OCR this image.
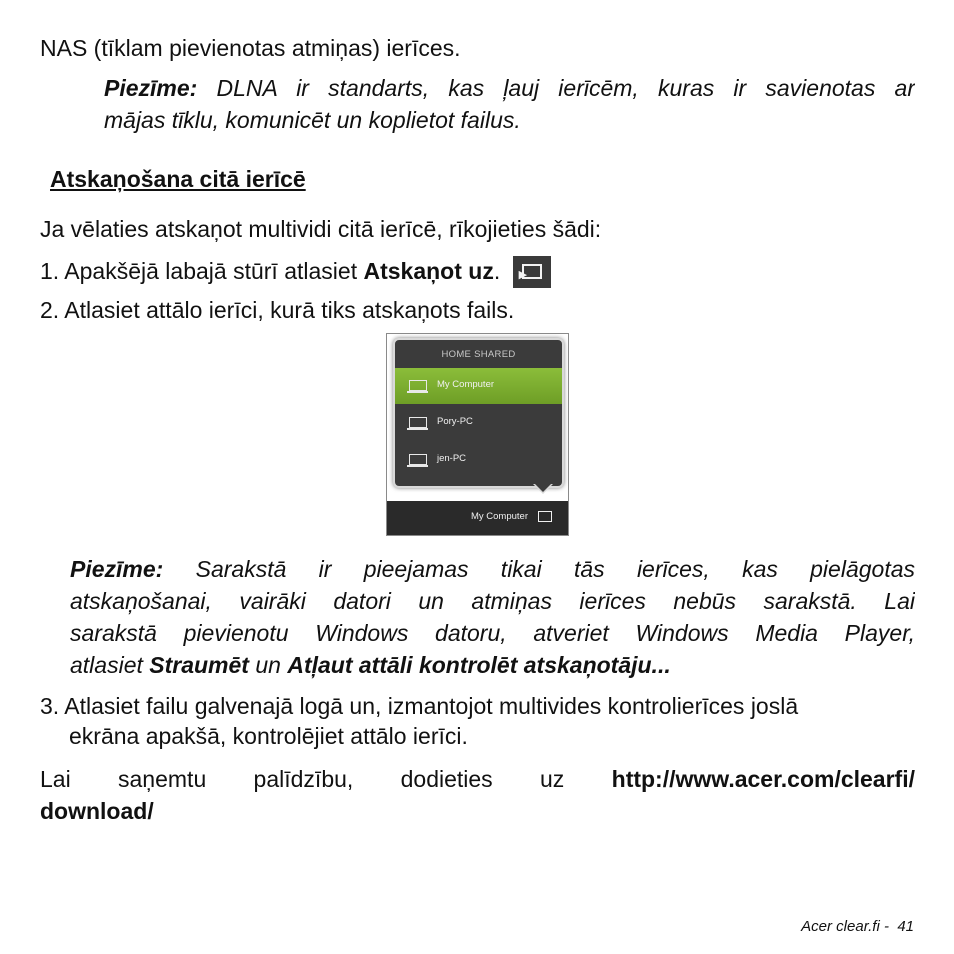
NAS (tīklam pievienotas atmiņas) ierīces.
Piezīme: DLNA ir standarts, kas ļauj ierīcēm, kuras ir savienotas ar
mājas tīklu, komunicēt un koplietot failus.
Atskaņošana citā ierīcē
Ja vēlaties atskaņot multividi citā ierīcē, rīkojieties šādi:
1. Apakšējā labajā stūrī atlasiet Atskaņot uz. ▶
2. Atlasiet attālo ierīci, kurā tiks atskaņots fails.
HOME SHARED
My Computer
Pory-PC
jen-PC
My Computer
Piezīme: Sarakstā ir pieejamas tikai tās ierīces, kas pielāgotas
atskaņošanai, vairāki datori un atmiņas ierīces nebūs sarakstā. Lai
sarakstā pievienotu Windows datoru, atveriet Windows Media Player,
atlasiet Straumēt un Atļaut attāli kontrolēt atskaņotāju...
3. Atlasiet failu galvenajā logā un, izmantojot multivides kontrolierīces joslā
ekrāna apakšā, kontrolējiet attālo ierīci.
Lai saņemtu palīdzību, dodieties uz http://www.acer.com/clearfi/
download/
Acer clear.fi - 41
